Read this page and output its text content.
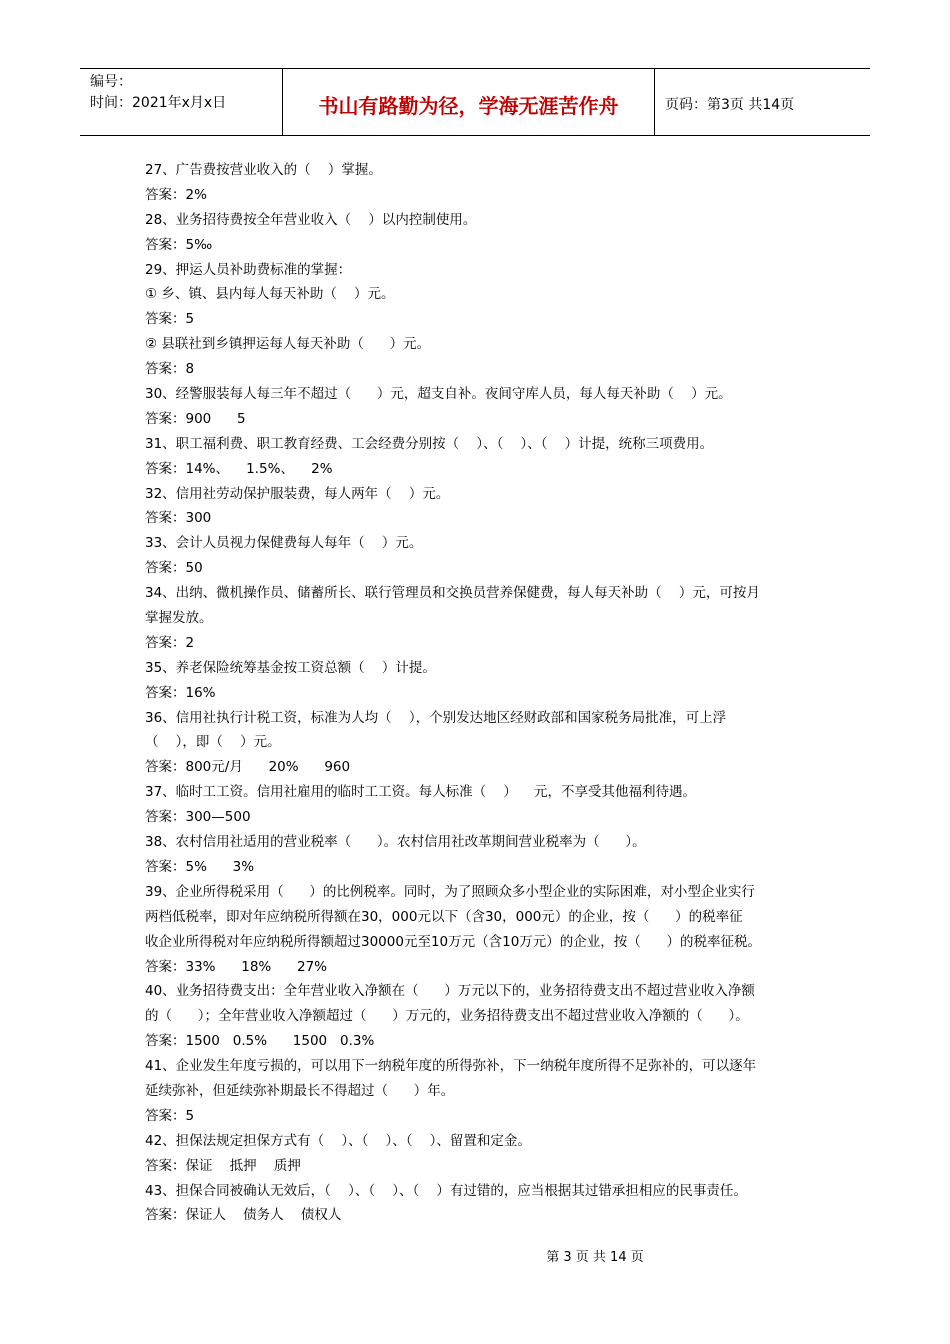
编号：
时间：2021年x月x日	书山有路勤为径，学海无涯苦作舟	页码：第3页 共14页
27、广告费按营业收入的（    ）掌握。
答案：2%
28、业务招待费按全年营业收入（    ）以内控制使用。
答案：5‰
29、押运人员补助费标准的掌握：
① 乡、镇、县内每人每天补助（    ）元。
答案：5
② 县联社到乡镇押运每人每天补助（      ）元。
答案：8
30、经警服装每人每三年不超过（      ）元，超支自补。夜间守库人员，每人每天补助（    ）元。
答案：900      5
31、职工福利费、职工教育经费、工会经费分别按（    ）、（    ）、（    ）计提，统称三项费用。
答案：14%、    1.5%、    2%
32、信用社劳动保护服装费，每人两年（    ）元。
答案：300
33、会计人员视力保健费每人每年（    ）元。
答案：50
34、出纳、微机操作员、储蓄所长、联行管理员和交换员营养保健费，每人每天补助（    ）元，可按月
掌握发放。
答案：2
35、养老保险统筹基金按工资总额（    ）计提。
答案：16%
36、信用社执行计税工资，标准为人均（    ），个别发达地区经财政部和国家税务局批准，可上浮
（    ），即（    ）元。
答案：800元/月      20%      960
37、临时工工资。信用社雇用的临时工工资。每人标准（    ）    元，不享受其他福利待遇。
答案：300—500
38、农村信用社适用的营业税率（      ）。农村信用社改革期间营业税率为（      ）。
答案：5%      3%
39、企业所得税采用（      ）的比例税率。同时，为了照顾众多小型企业的实际困难，对小型企业实行
两档低税率，即对年应纳税所得额在30，000元以下（含30，000元）的企业，按（      ）的税率征
收企业所得税对年应纳税所得额超过30000元至10万元（含10万元）的企业，按（      ）的税率征税。
答案：33%      18%      27%
40、业务招待费支出：全年营业收入净额在（      ）万元以下的，业务招待费支出不超过营业收入净额
的（      ）；全年营业收入净额超过（      ）万元的，业务招待费支出不超过营业收入净额的（      ）。
答案：1500   0.5%      1500   0.3%
41、企业发生年度亏损的，可以用下一纳税年度的所得弥补，下一纳税年度所得不足弥补的，可以逐年
延续弥补，但延续弥补期最长不得超过（      ）年。
答案：5
42、担保法规定担保方式有（    ）、（    ）、（    ）、留置和定金。
答案：保证    抵押    质押
43、担保合同被确认无效后，（    ）、（    ）、（    ）有过错的，应当根据其过错承担相应的民事责任。
答案：保证人    债务人    债权人
第 3 页 共 14 页
